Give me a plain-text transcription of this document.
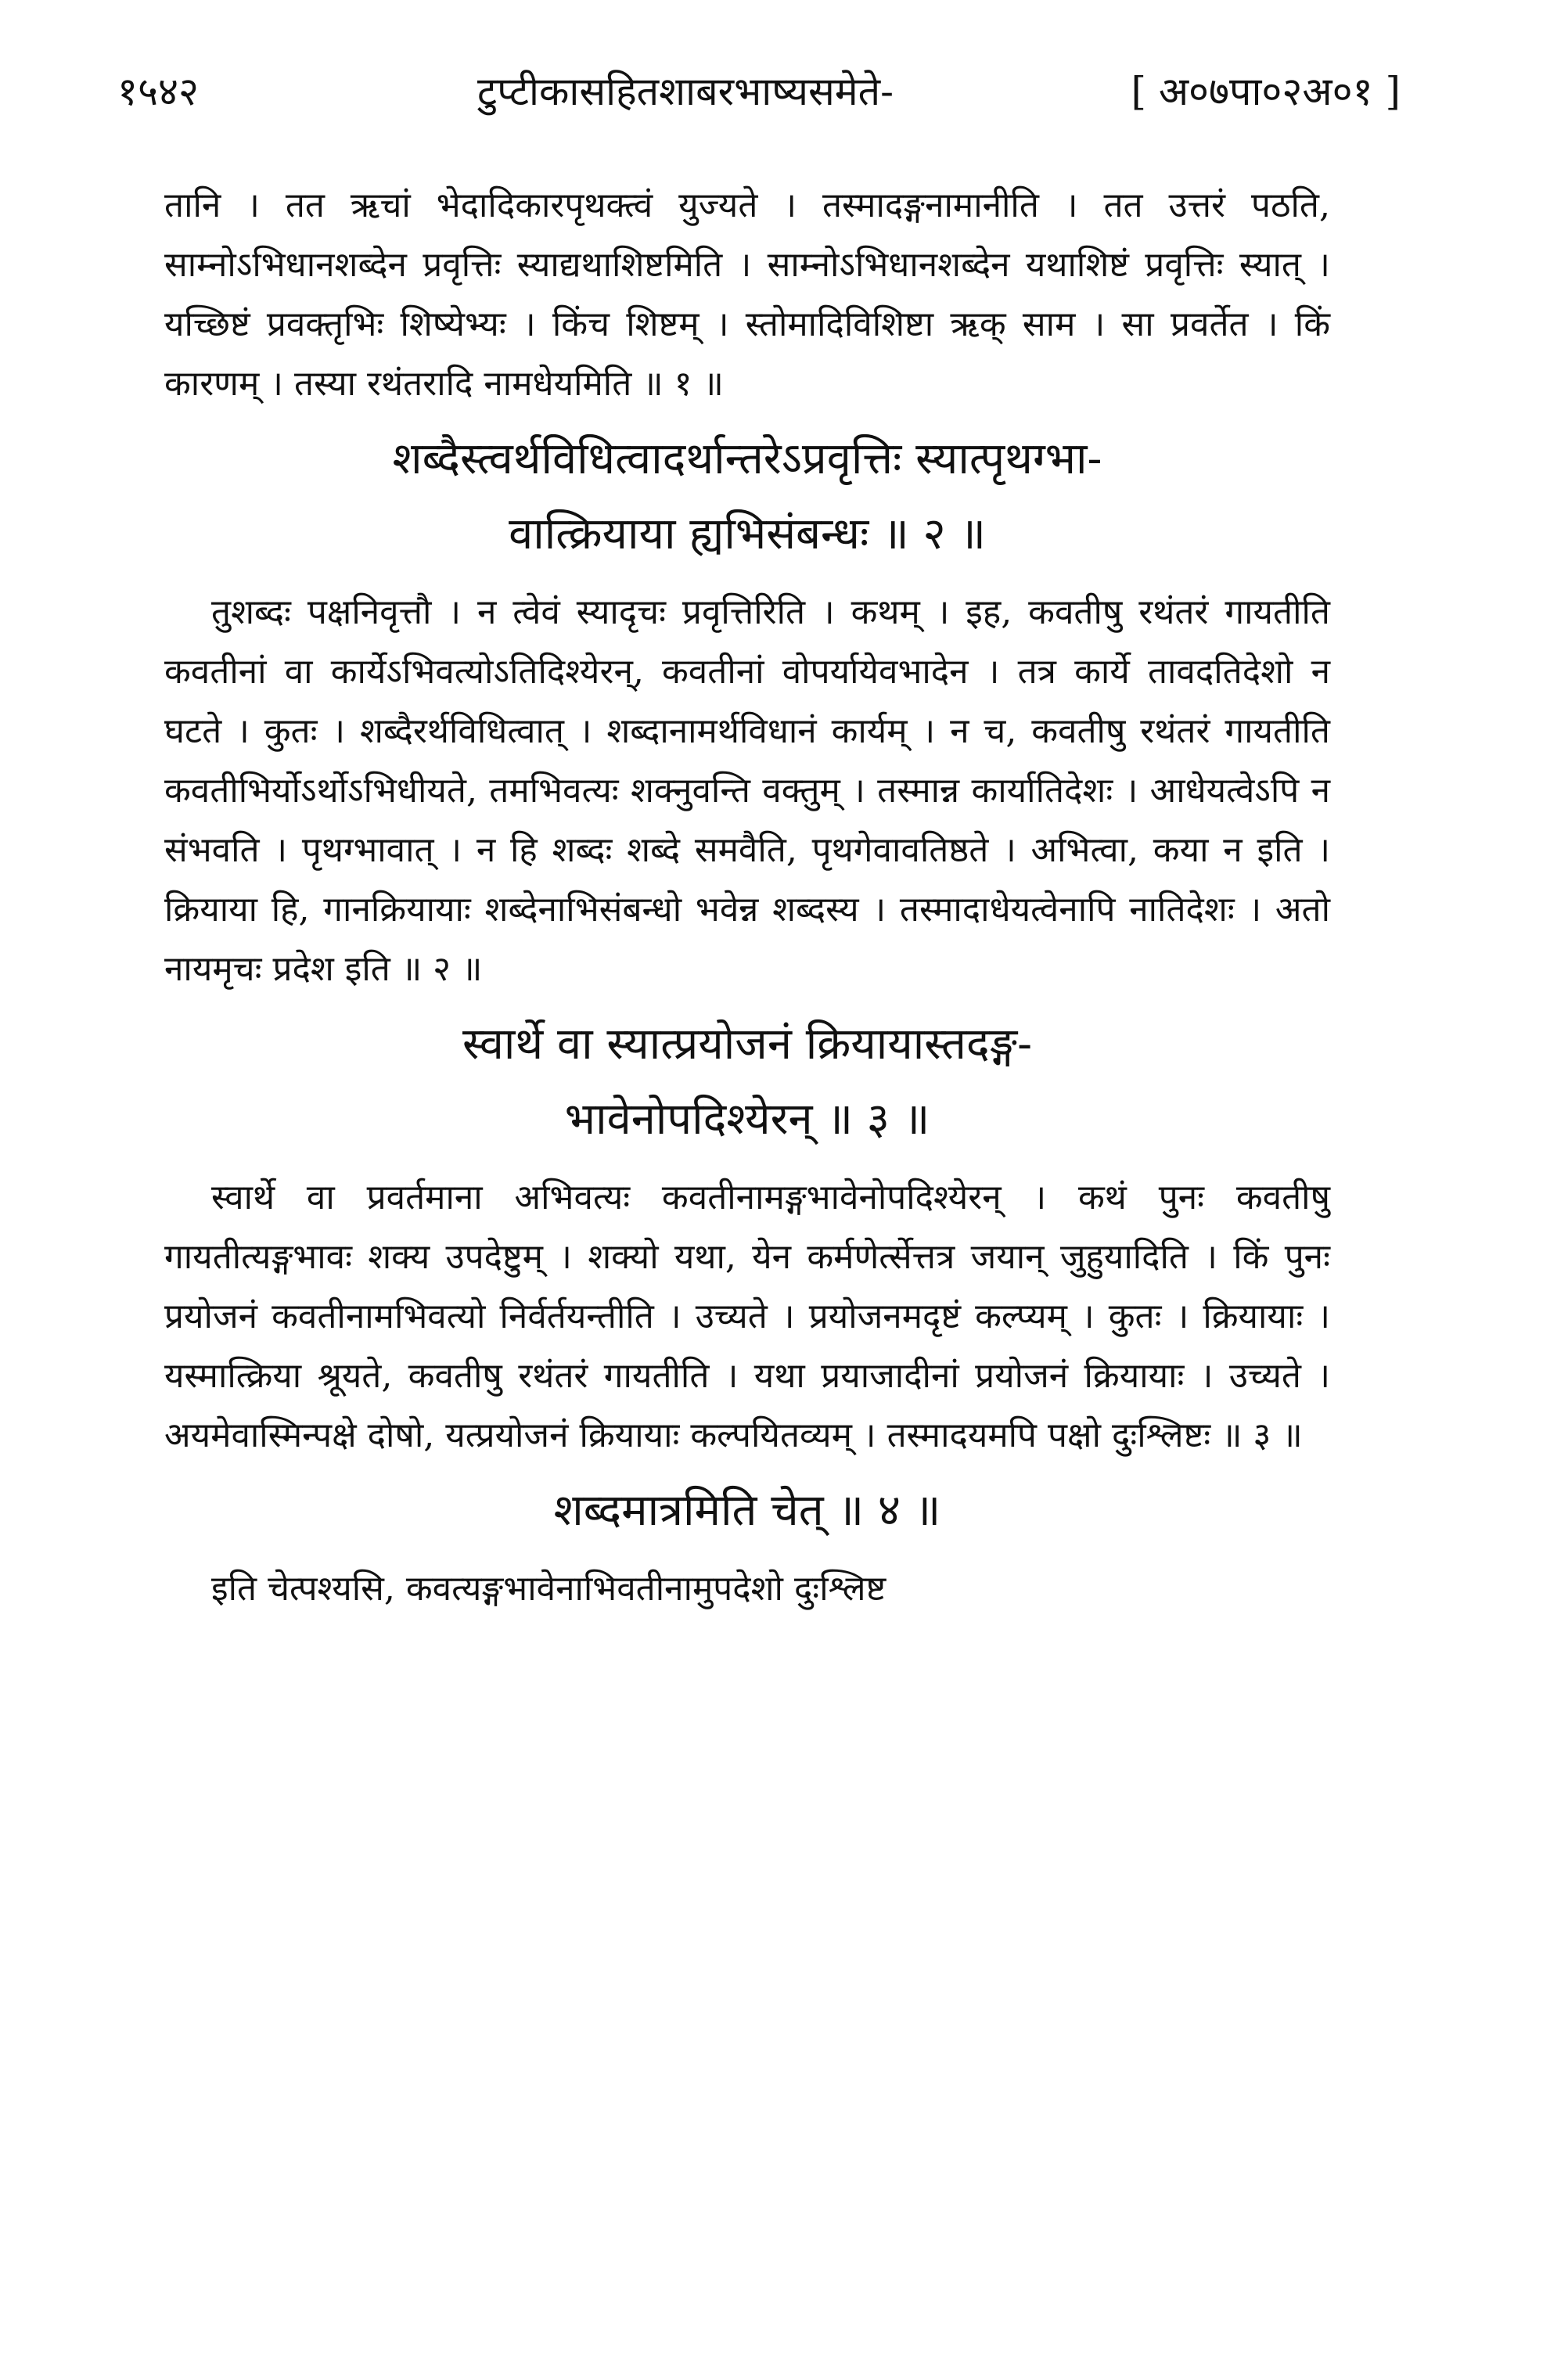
१५४२	टुप्टीकासहितशाबरभाष्यसमेते-	[ अ०७पा०२अ०१ ]

तानि । तत ऋचां भेदादिकारपृथक्त्वं युज्यते । तस्मादङ्गनामानीति । तत उत्तरं पठति, साम्नोऽभिधानशब्देन प्रवृत्तिः स्याद्यथाशिष्टमिति । साम्नोऽभिधानशब्देन यथाशिष्टं प्रवृत्तिः स्यात् । यच्छिष्टं प्रवक्तृभिः शिष्येभ्यः । किंच शिष्टम् । स्तोमादिविशिष्टा ऋक् साम । सा प्रवर्तेत । किं कारणम् । तस्या रथंतरादि नामधेयमिति ॥ १ ॥

शब्दैस्त्वर्थविधित्वादर्थान्तरेऽप्रवृत्तिः स्यात्पृथग्भा-
वात्क्रियाया ह्यभिसंबन्धः ॥ २ ॥

तुशब्दः पक्षनिवृत्तौ । न त्वेवं स्यादृचः प्रवृत्तिरिति । कथम् । इह, कवतीषु रथंतरं गायतीति कवतीनां वा कार्येऽभिवत्योऽतिदिश्येरन्, कवतीनां वोपर्यायेवभादेन । तत्र कार्ये तावदतिदेशो न घटते । कुतः । शब्दैरर्थविधित्वात् । शब्दानामर्थविधानं कार्यम् । न च, कवतीषु रथंतरं गायतीति कवतीभिर्योऽर्थोऽभिधीयते, तमभिवत्यः शक्नुवन्ति वक्तुम् । तस्मान्न कार्यातिदेशः । आधेयत्वेऽपि न संभवति । पृथग्भावात् । न हि शब्दः शब्दे समवैति, पृथगेवावतिष्ठते । अभित्वा, कया न इति । क्रियाया हि, गानक्रियायाः शब्देनाभिसंबन्धो भवेन्न शब्दस्य । तस्मादाधेयत्वेनापि नातिदेशः । अतो नायमृचः प्रदेश इति ॥ २ ॥

स्वार्थे वा स्यात्प्रयोजनं क्रियायास्तदङ्ग-
भावेनोपदिश्येरन् ॥ ३ ॥

स्वार्थे वा प्रवर्तमाना अभिवत्यः कवतीनामङ्गभावेनोपदिश्येरन् । कथं पुनः कवतीषु गायतीत्यङ्गभावः शक्य उपदेष्टुम् । शक्यो यथा, येन कर्मणेर्त्सेत्तत्र जयान् जुहुयादिति । किं पुनः प्रयोजनं कवतीनामभिवत्यो निर्वर्तयन्तीति । उच्यते । प्रयोजनमदृष्टं कल्प्यम् । कुतः । क्रियायाः । यस्मात्क्रिया श्रूयते, कवतीषु रथंतरं गायतीति । यथा प्रयाजादीनां प्रयोजनं क्रियायाः । उच्यते । अयमेवास्मिन्पक्षे दोषो, यत्प्रयोजनं क्रियायाः कल्पयितव्यम् । तस्मादयमपि पक्षो दुःश्लिष्टः ॥ ३ ॥

शब्दमात्रमिति चेत् ॥ ४ ॥

इति चेत्पश्यसि, कवत्यङ्गभावेनाभिवतीनामुपदेशो दुःश्लिष्ट
